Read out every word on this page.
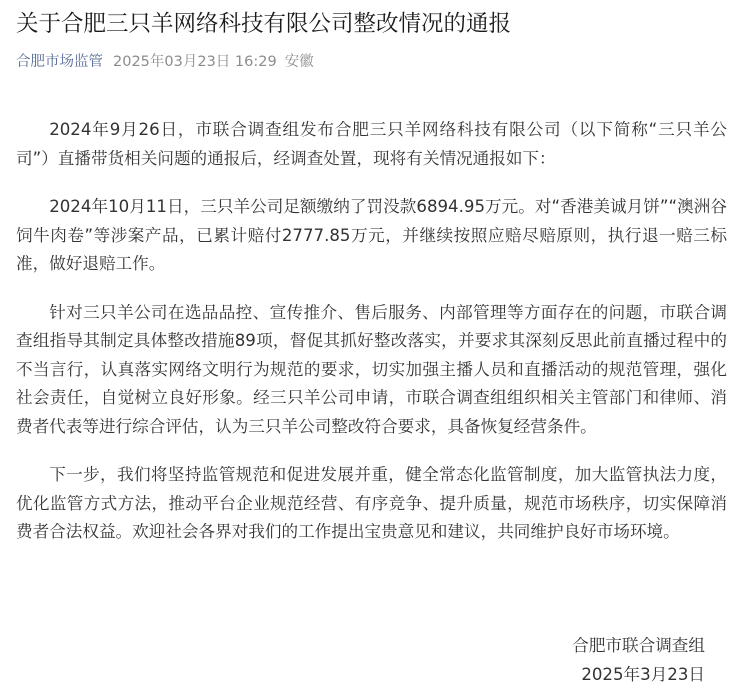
关于合肥三只羊网络科技有限公司整改情况的通报
合肥市场监管 2025年03月23日 16:29 安徽

2024年9月26日，市联合调查组发布合肥三只羊网络科技有限公司（以下简称“三只羊公司”）直播带货相关问题的通报后，经调查处置，现将有关情况通报如下：

2024年10月11日，三只羊公司足额缴纳了罚没款6894.95万元。对“香港美诚月饼”“澳洲谷饲牛肉卷”等涉案产品，已累计赔付2777.85万元，并继续按照应赔尽赔原则，执行退一赔三标准，做好退赔工作。

针对三只羊公司在选品品控、宣传推介、售后服务、内部管理等方面存在的问题，市联合调查组指导其制定具体整改措施89项，督促其抓好整改落实，并要求其深刻反思此前直播过程中的不当言行，认真落实网络文明行为规范的要求，切实加强主播人员和直播活动的规范管理，强化社会责任，自觉树立良好形象。经三只羊公司申请，市联合调查组组织相关主管部门和律师、消费者代表等进行综合评估，认为三只羊公司整改符合要求，具备恢复经营条件。

下一步，我们将坚持监管规范和促进发展并重，健全常态化监管制度，加大监管执法力度，优化监管方式方法，推动平台企业规范经营、有序竞争、提升质量，规范市场秩序，切实保障消费者合法权益。欢迎社会各界对我们的工作提出宝贵意见和建议，共同维护良好市场环境。

合肥市联合调查组
2025年3月23日
